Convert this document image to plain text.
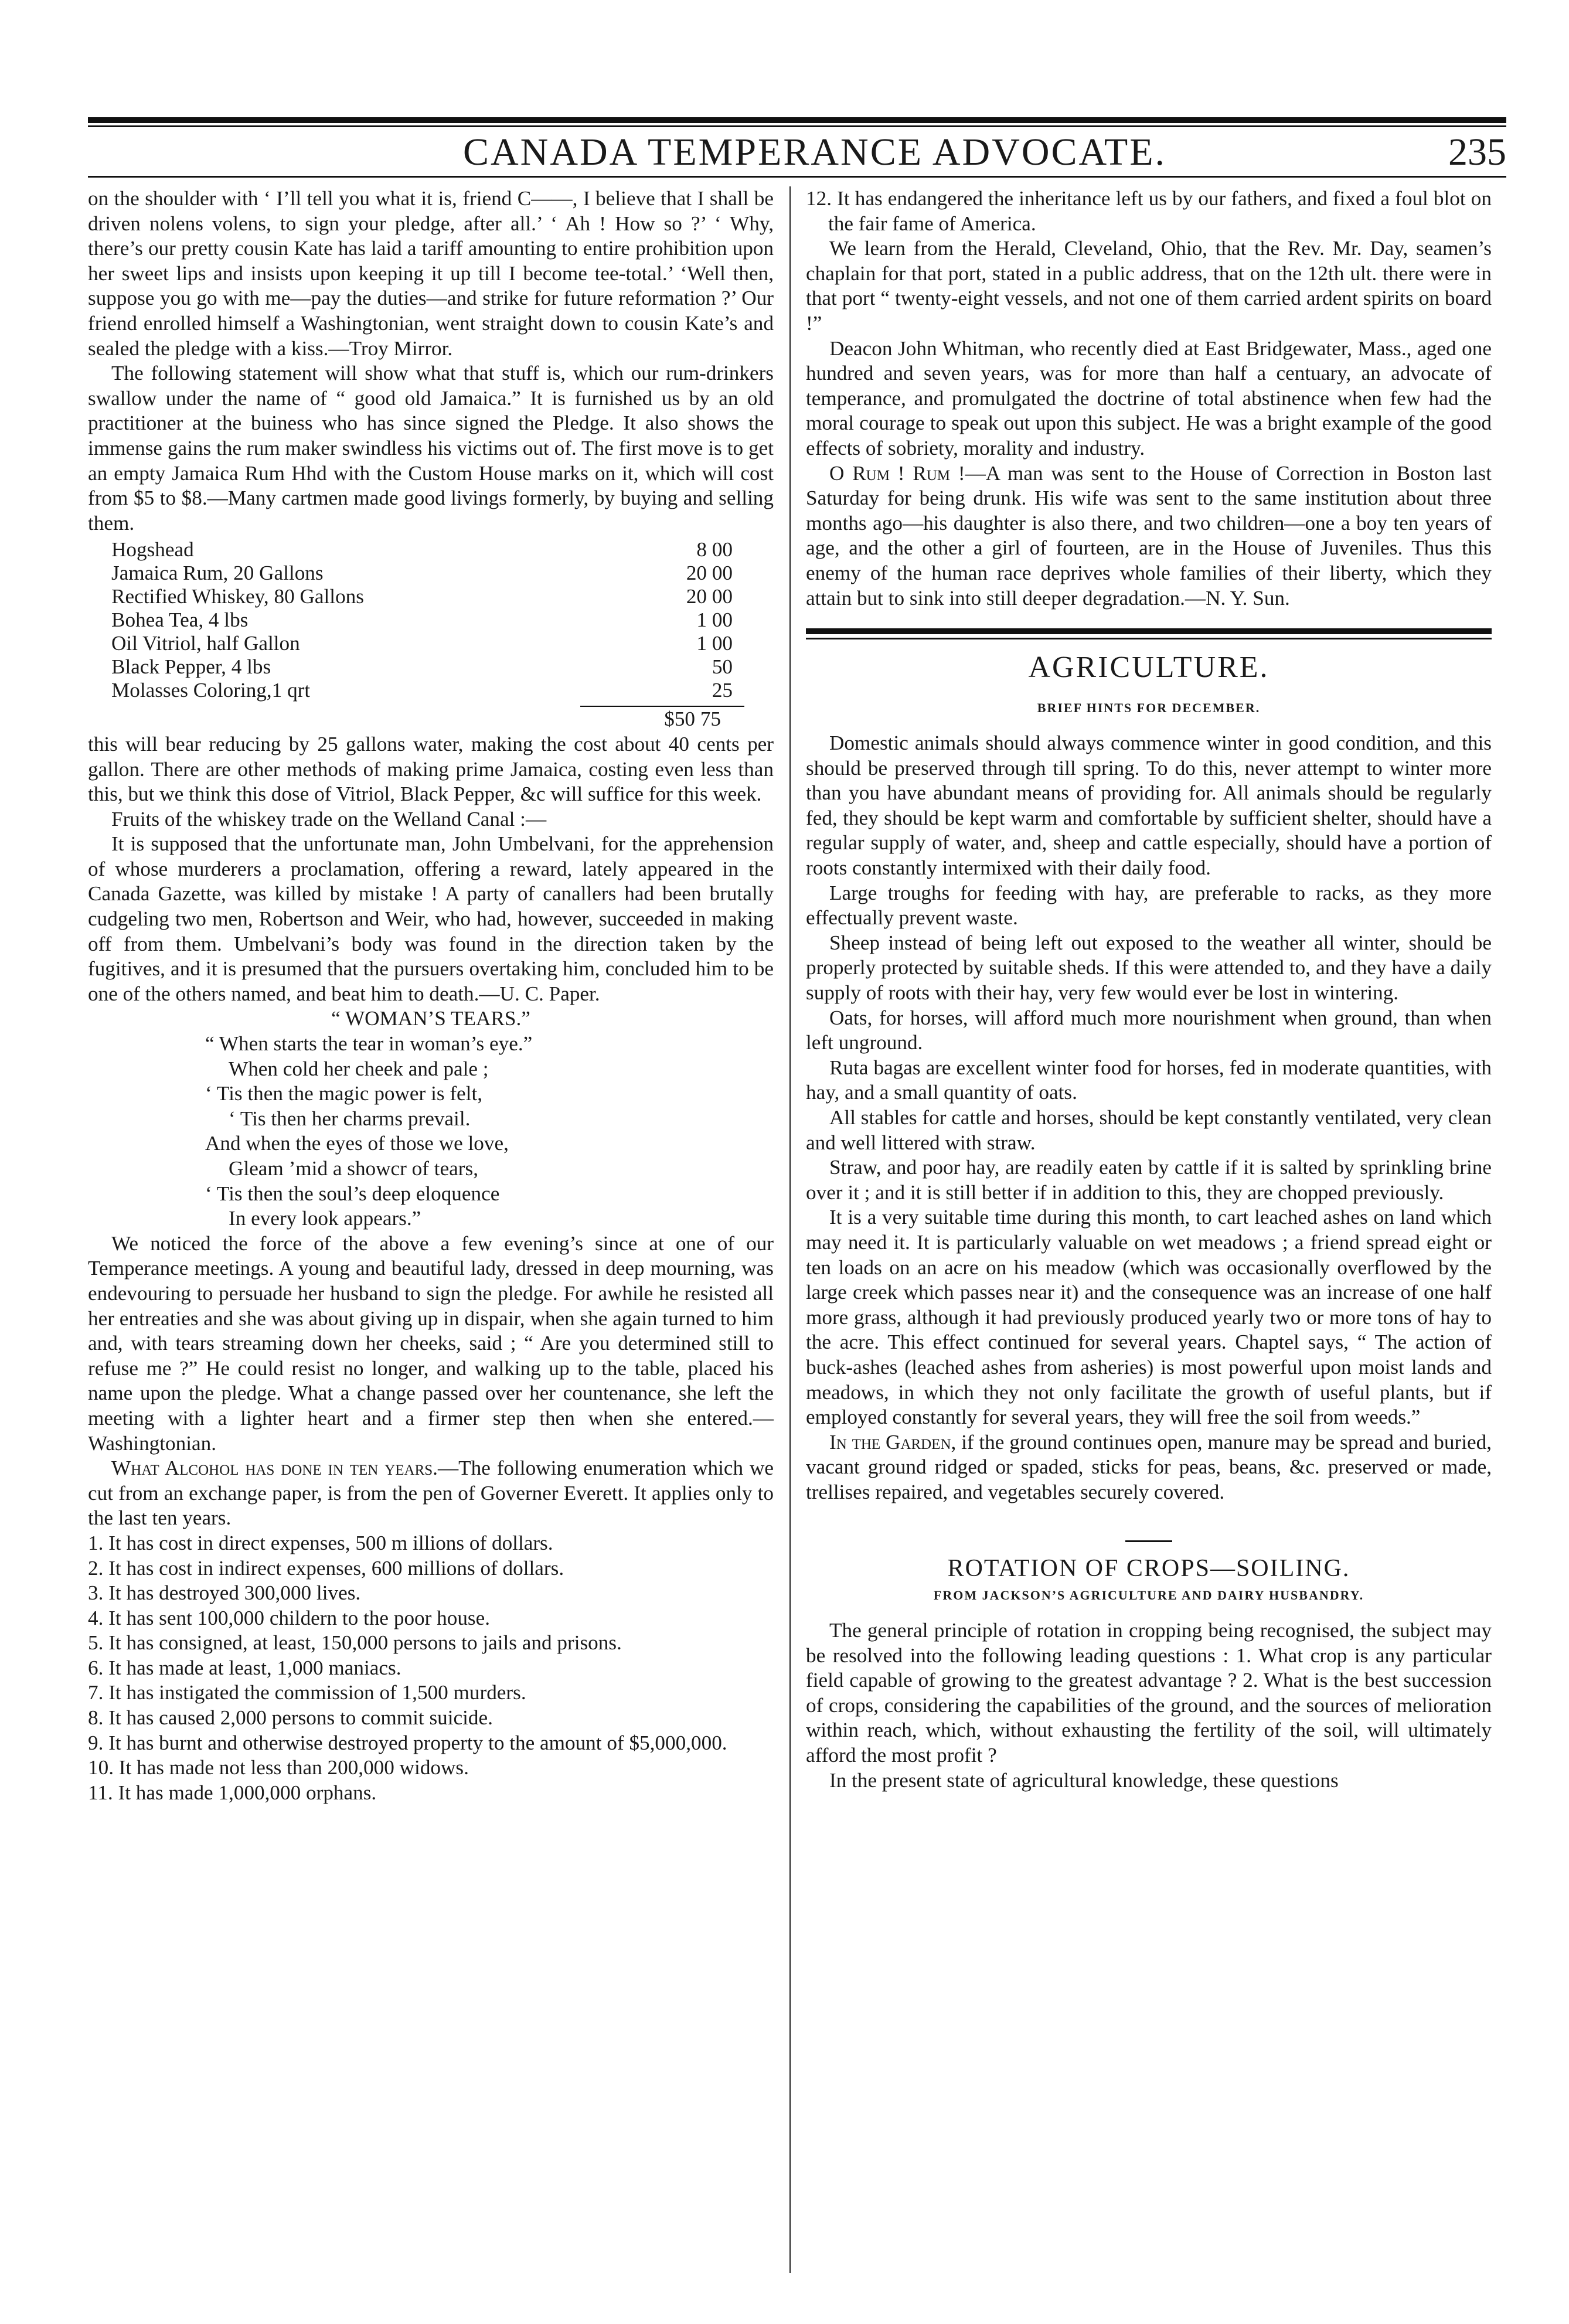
CANADA TEMPERANCE ADVOCATE.	235

on the shoulder with ‘ I’ll tell you what it is, friend C——, I believe that I shall be driven nolens volens, to sign your pledge, after all.’ ‘ Ah ! How so ?’ ‘ Why, there’s our pretty cousin Kate has laid a tariff amounting to entire prohibition upon her sweet lips and insists upon keeping it up till I become tee-total.’ ‘Well then, suppose you go with me—pay the duties—and strike for future reformation ?’ Our friend enrolled himself a Washingtonian, went straight down to cousin Kate’s and sealed the pledge with a kiss.—Troy Mirror.

The following statement will show what that stuff is, which our rum-drinkers swallow under the name of “ good old Jamaica.” It is furnished us by an old practitioner at the buiness who has since signed the Pledge. It also shows the immense gains the rum maker swindless his victims out of. The first move is to get an empty Jamaica Rum Hhd with the Custom House marks on it, which will cost from $5 to $8.—Many cartmen made good livings formerly, by buying and selling them.

Hogshead	8 00
Jamaica Rum, 20 Gallons	20 00
Rectified Whiskey, 80 Gallons	20 00
Bohea Tea, 4 lbs	1 00
Oil Vitriol, half Gallon	1 00
Black Pepper, 4 lbs	50
Molasses Coloring,1 qrt	25
$50 75

this will bear reducing by 25 gallons water, making the cost about 40 cents per gallon. There are other methods of making prime Jamaica, costing even less than this, but we think this dose of Vitriol, Black Pepper, &c will suffice for this week.

Fruits of the whiskey trade on the Welland Canal :—

It is supposed that the unfortunate man, John Umbelvani, for the apprehension of whose murderers a proclamation, offering a reward, lately appeared in the Canada Gazette, was killed by mistake ! A party of canallers had been brutally cudgeling two men, Robertson and Weir, who had, however, succeeded in making off from them. Umbelvani’s body was found in the direction taken by the fugitives, and it is presumed that the pursuers overtaking him, concluded him to be one of the others named, and beat him to death.—U. C. Paper.

“ WOMAN’S TEARS.”

“ When starts the tear in woman’s eye.”

When cold her cheek and pale ;

‘ Tis then the magic power is felt,

‘ Tis then her charms prevail.

And when the eyes of those we love,

Gleam ’mid a showcr of tears,

‘ Tis then the soul’s deep eloquence

In every look appears.”

We noticed the force of the above a few evening’s since at one of our Temperance meetings. A young and beautiful lady, dressed in deep mourning, was endevouring to persuade her husband to sign the pledge. For awhile he resisted all her entreaties and she was about giving up in dispair, when she again turned to him and, with tears streaming down her cheeks, said ; “ Are you determined still to refuse me ?” He could resist no longer, and walking up to the table, placed his name upon the pledge. What a change passed over her countenance, she left the meeting with a lighter heart and a firmer step then when she entered.—Washingtonian.

What Alcohol has done in ten years.—The following enumeration which we cut from an exchange paper, is from the pen of Governer Everett. It applies only to the last ten years.

1. It has cost in direct expenses, 500 m illions of dollars.

2. It has cost in indirect expenses, 600 millions of dollars.

3. It has destroyed 300,000 lives.

4. It has sent 100,000 childern to the poor house.

5. It has consigned, at least, 150,000 persons to jails and prisons.

6. It has made at least, 1,000 maniacs.

7. It has instigated the commission of 1,500 murders.

8. It has caused 2,000 persons to commit suicide.

9. It has burnt and otherwise destroyed property to the amount of $5,000,000.

10. It has made not less than 200,000 widows.

11. It has made 1,000,000 orphans.

12. It has endangered the inheritance left us by our fathers, and fixed a foul blot on the fair fame of America.

We learn from the Herald, Cleveland, Ohio, that the Rev. Mr. Day, seamen’s chaplain for that port, stated in a public address, that on the 12th ult. there were in that port “ twenty-eight vessels, and not one of them carried ardent spirits on board !”

Deacon John Whitman, who recently died at East Bridgewater, Mass., aged one hundred and seven years, was for more than half a centuary, an advocate of temperance, and promulgated the doctrine of total abstinence when few had the moral courage to speak out upon this subject. He was a bright example of the good effects of sobriety, morality and industry.

O Rum ! Rum !—A man was sent to the House of Correction in Boston last Saturday for being drunk. His wife was sent to the same institution about three months ago—his daughter is also there, and two children—one a boy ten years of age, and the other a girl of fourteen, are in the House of Juveniles. Thus this enemy of the human race deprives whole families of their liberty, which they attain but to sink into still deeper degradation.—N. Y. Sun.

AGRICULTURE.
BRIEF HINTS FOR DECEMBER.

Domestic animals should always commence winter in good condition, and this should be preserved through till spring. To do this, never attempt to winter more than you have abundant means of providing for. All animals should be regularly fed, they should be kept warm and comfortable by sufficient shelter, should have a regular supply of water, and, sheep and cattle especially, should have a portion of roots constantly intermixed with their daily food.

Large troughs for feeding with hay, are preferable to racks, as they more effectually prevent waste.

Sheep instead of being left out exposed to the weather all winter, should be properly protected by suitable sheds. If this were attended to, and they have a daily supply of roots with their hay, very few would ever be lost in wintering.

Oats, for horses, will afford much more nourishment when ground, than when left unground.

Ruta bagas are excellent winter food for horses, fed in moderate quantities, with hay, and a small quantity of oats.

All stables for cattle and horses, should be kept constantly ventilated, very clean and well littered with straw.

Straw, and poor hay, are readily eaten by cattle if it is salted by sprinkling brine over it ; and it is still better if in addition to this, they are chopped previously.

It is a very suitable time during this month, to cart leached ashes on land which may need it. It is particularly valuable on wet meadows ; a friend spread eight or ten loads on an acre on his meadow (which was occasionally overflowed by the large creek which passes near it) and the consequence was an increase of one half more grass, although it had previously produced yearly two or more tons of hay to the acre. This effect continued for several years. Chaptel says, “ The action of buck-ashes (leached ashes from asheries) is most powerful upon moist lands and meadows, in which they not only facilitate the growth of useful plants, but if employed constantly for several years, they will free the soil from weeds.”

In the Garden, if the ground continues open, manure may be spread and buried, vacant ground ridged or spaded, sticks for peas, beans, &c. preserved or made, trellises repaired, and vegetables securely covered.

ROTATION OF CROPS—SOILING.
FROM JACKSON’S AGRICULTURE AND DAIRY HUSBANDRY.

The general principle of rotation in cropping being recognised, the subject may be resolved into the following leading questions : 1. What crop is any particular field capable of growing to the greatest advantage ? 2. What is the best succession of crops, considering the capabilities of the ground, and the sources of melioration within reach, which, without exhausting the fertility of the soil, will ultimately afford the most profit ?

In the present state of agricultural knowledge, these questions
